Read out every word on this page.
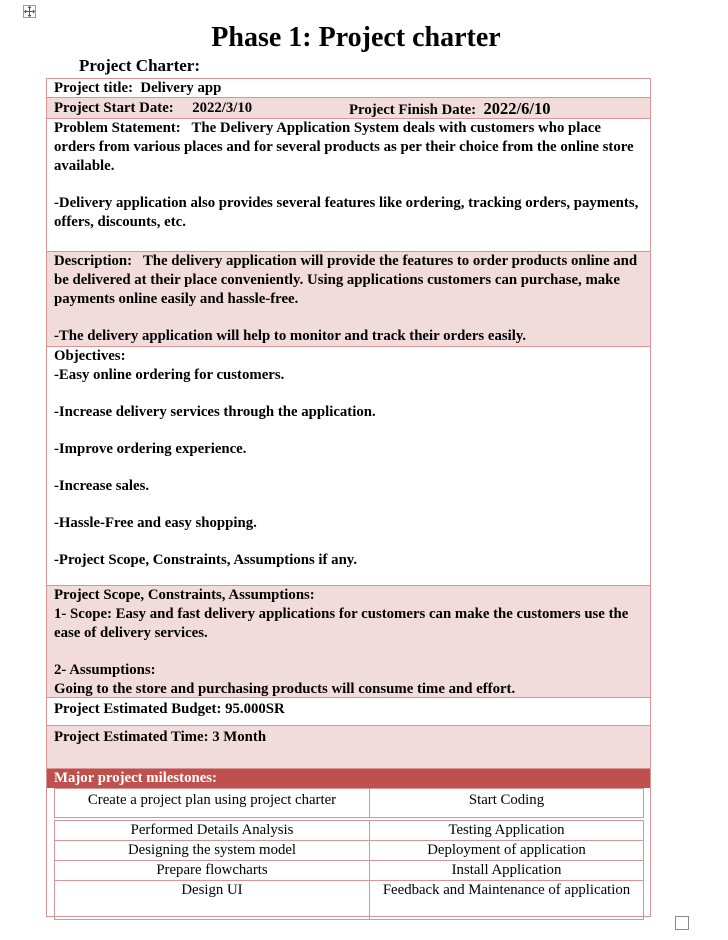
Phase 1: Project charter

Project Charter:

Project title: Delivery app
Project Start Date: 2022/3/10	Project Finish Date: 2022/6/10

Problem Statement: The Delivery Application System deals with customers who place orders from various places and for several products as per their choice from the online store available.

-Delivery application also provides several features like ordering, tracking orders, payments, offers, discounts, etc.

Description: The delivery application will provide the features to order products online and be delivered at their place conveniently. Using applications customers can purchase, make payments online easily and hassle-free.

-The delivery application will help to monitor and track their orders easily.

Objectives:

-Easy online ordering for customers.

-Increase delivery services through the application.

-Improve ordering experience.

-Increase sales.

-Hassle-Free and easy shopping.

-Project Scope, Constraints, Assumptions if any.

Project Scope, Constraints, Assumptions:

1- Scope: Easy and fast delivery applications for customers can make the customers use the ease of delivery services.

2- Assumptions:

Going to the store and purchasing products will consume time and effort.

Project Estimated Budget: 95.000SR
Project Estimated Time: 3 Month
Major project milestones:
Create a project plan using project charter	Start Coding

Performed Details Analysis	Testing Application
Designing the system model	Deployment of application
Prepare flowcharts	Install Application
Design UI	Feedback and Maintenance of application
